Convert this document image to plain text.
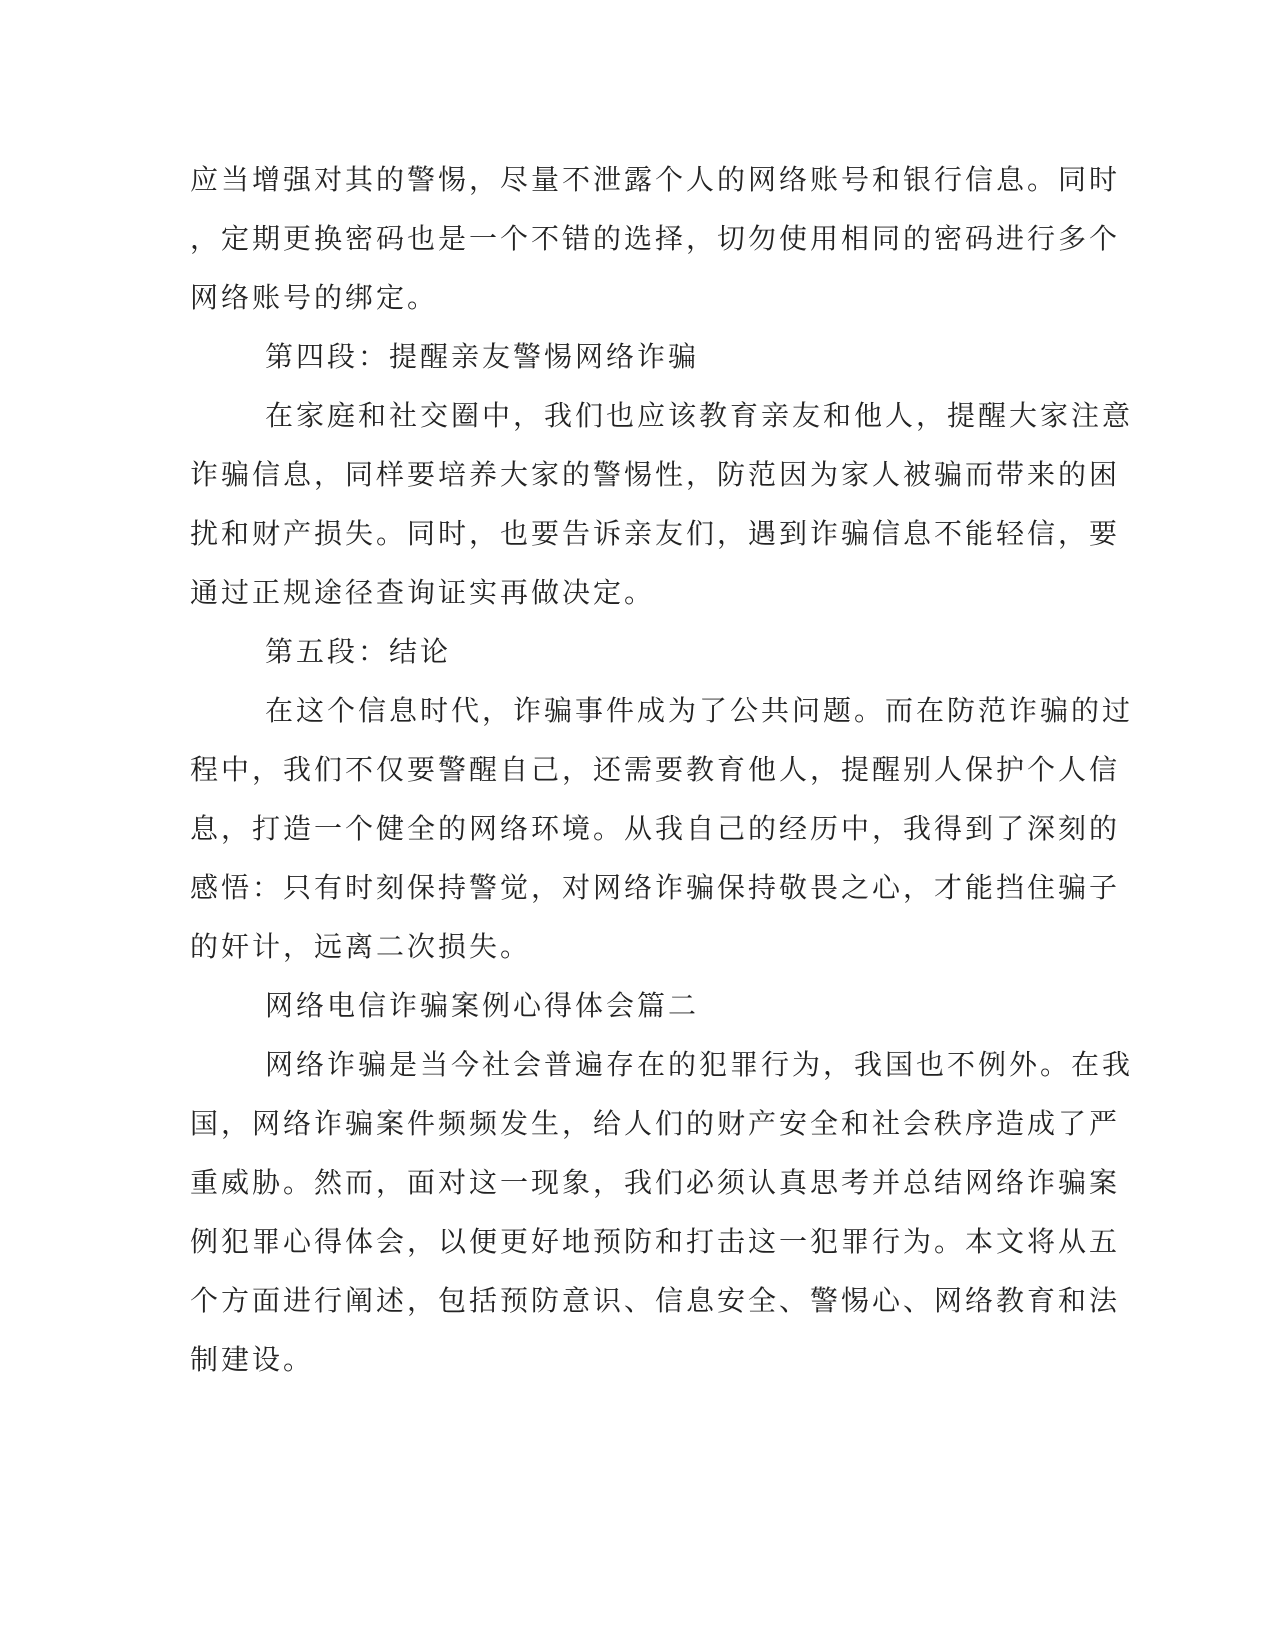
应当增强对其的警惕，尽量不泄露个人的网络账号和银行信息。同时
，定期更换密码也是一个不错的选择，切勿使用相同的密码进行多个
网络账号的绑定。
第四段：提醒亲友警惕网络诈骗
在家庭和社交圈中，我们也应该教育亲友和他人，提醒大家注意
诈骗信息，同样要培养大家的警惕性，防范因为家人被骗而带来的困
扰和财产损失。同时，也要告诉亲友们，遇到诈骗信息不能轻信，要
通过正规途径查询证实再做决定。
第五段：结论
在这个信息时代，诈骗事件成为了公共问题。而在防范诈骗的过
程中，我们不仅要警醒自己，还需要教育他人，提醒别人保护个人信
息，打造一个健全的网络环境。从我自己的经历中，我得到了深刻的
感悟：只有时刻保持警觉，对网络诈骗保持敬畏之心，才能挡住骗子
的奸计，远离二次损失。
网络电信诈骗案例心得体会篇二
网络诈骗是当今社会普遍存在的犯罪行为，我国也不例外。在我
国，网络诈骗案件频频发生，给人们的财产安全和社会秩序造成了严
重威胁。然而，面对这一现象，我们必须认真思考并总结网络诈骗案
例犯罪心得体会，以便更好地预防和打击这一犯罪行为。本文将从五
个方面进行阐述，包括预防意识、信息安全、警惕心、网络教育和法
制建设。
